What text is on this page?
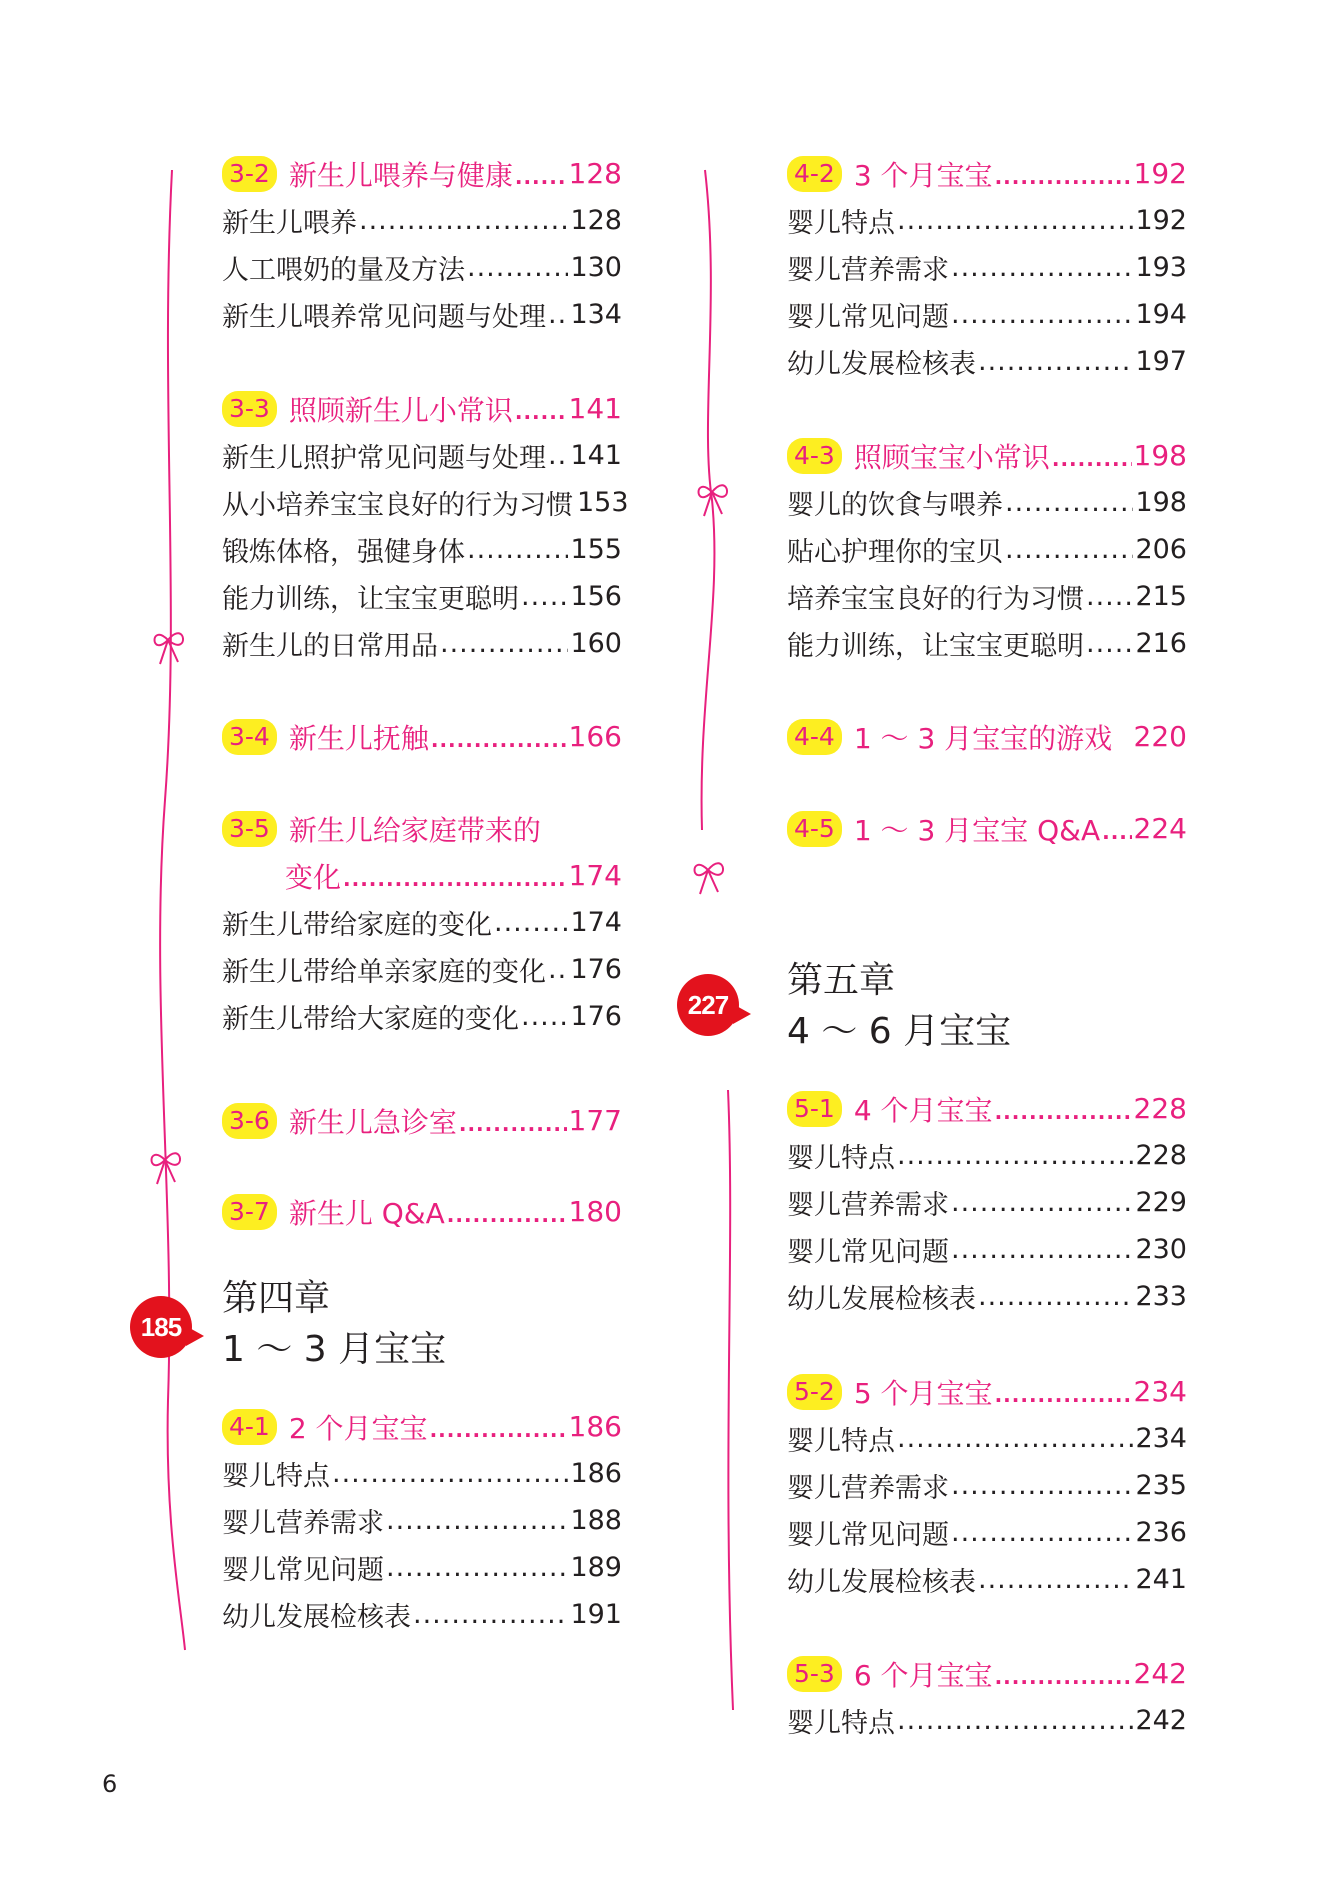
3-2 新生儿喂养与健康 ..... 128
新生儿喂养 .....	128
人工喂奶的量及方法 .....	130
新生儿喂养常见问题与处理 ..... 134
3-3 照顾新生儿小常识 ..... 141
新生儿照护常见问题与处理 ..... 141
从小培养宝宝良好的行为习惯 153
锻炼体格，强健身体 .....	155
能力训练，让宝宝更聪明 ..... 156
新生儿的日常用品 .....	160
3-4 新生儿抚触 .....	166
3-5 新生儿给家庭带来的
变化 .....	174
新生儿带给家庭的变化 .....	174
新生儿带给单亲家庭的变化 ..... 176
新生儿带给大家庭的变化 ..... 176
3-6 新生儿急诊室 .....	177
3-7 新生儿 Q&A .....	180
185
第四章
1 ～ 3 月宝宝
4-1 2 个月宝宝 .....	186
婴儿特点 .....	186
婴儿营养需求 .....	188
婴儿常见问题 .....	189
幼儿发展检核表 .....	191
4-2 3 个月宝宝 .....	192
婴儿特点 .....	192
婴儿营养需求 .....	193
婴儿常见问题 .....	194
幼儿发展检核表 .....	197
4-3 照顾宝宝小常识 .....	198
婴儿的饮食与喂养 .....	198
贴心护理你的宝贝 .....	206
培养宝宝良好的行为习惯 ..... 215
能力训练，让宝宝更聪明 ..... 216
4-4 1 ～ 3 月宝宝的游戏 220
4-5 1 ～ 3 月宝宝 Q&A ..... 224
227
第五章
4 ～ 6 月宝宝
5-1 4 个月宝宝 .....	228
婴儿特点 .....	228
婴儿营养需求 .....	229
婴儿常见问题 .....	230
幼儿发展检核表 .....	233
5-2 5 个月宝宝 .....	234
婴儿特点 .....	234
婴儿营养需求 .....	235
婴儿常见问题 .....	236
幼儿发展检核表 .....	241
5-3 6 个月宝宝 .....	242
婴儿特点 .....	242
6
